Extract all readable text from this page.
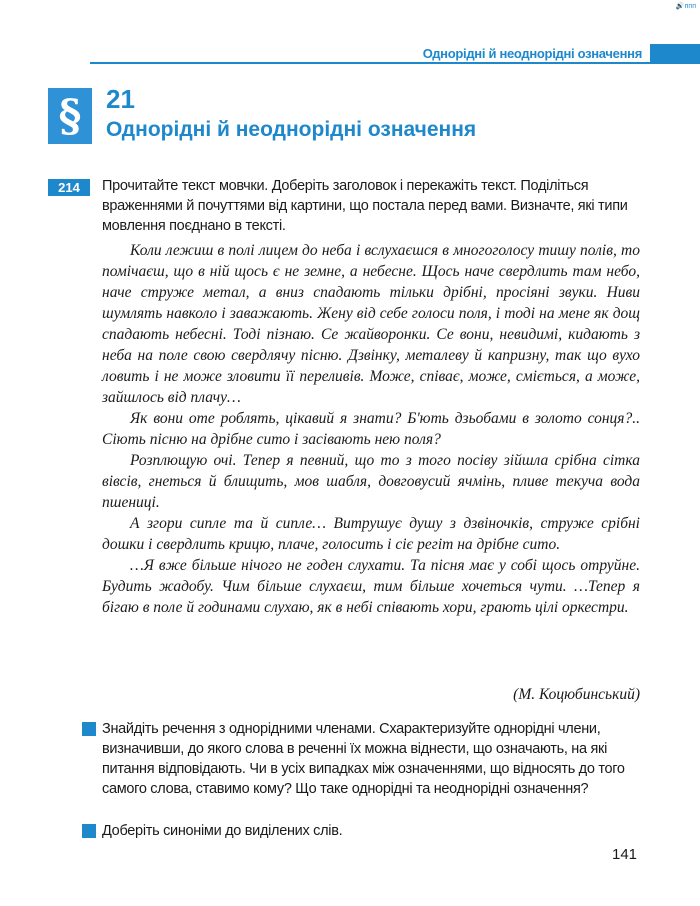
🔊ппп
Однорідні й неоднорідні означення
§ 21
Однорідні й неоднорідні означення
214	Прочитайте текст мовчки. Доберіть заголовок і перекажіть текст. Поділіться враженнями й почуттями від картини, що постала перед вами. Визначте, які типи мовлення поєднано в тексті.

Коли лежиш в полі лицем до неба і вслухаєшся в многоголосу тишу полів, то помічаєш, що в ній щось є не земне, а небесне. Щось наче свердлить там небо, наче струже метал, а вниз спадають тільки дрібні, просіяні звуки. Ниви шумлять навколо і заважають. Жену від себе голоси поля, і тоді на мене як дощ спадають небесні. Тоді пізнаю. Се жайворонки. Се вони, невидимі, кидають з неба на поле свою свердлячу пісню. Дзвінку, металеву й капризну, так що вухо ловить і не може зловити її переливів. Може, співає, може, сміється, а може, зайшлось від плачу…

Як вони оте роблять, цікавий я знати? Б'ють дзьобами в золото сонця?.. Сіють пісню на дрібне сито і засівають нею поля?

Розплющую очі. Тепер я певний, що то з того посіву зійшла срібна сітка вівсів, гнеться й блищить, мов шабля, довговусий ячмінь, пливе текуча вода пшениці.

А згори сипле та й сипле… Витрушує душу з дзвіночків, струже срібні дошки і свердлить крицю, плаче, голосить і сіє регіт на дрібне сито.

…Я вже більше нічого не годен слухати. Та пісня має у собі щось отруйне. Будить жадобу. Чим більше слухаєш, тим більше хочеться чути. …Тепер я бігаю в поле й годинами слухаю, як в небі співають хори, грають цілі оркестри.

(М. Коцюбинський)
Знайдіть речення з однорідними членами. Схарактеризуйте однорідні члени, визначивши, до якого слова в реченні їх можна віднести, що означають, на які питання відповідають. Чи в усіх випадках між означеннями, що відносять до того самого слова, ставимо кому? Що таке однорідні та неоднорідні означення?
Доберіть синоніми до виділених слів.
141
